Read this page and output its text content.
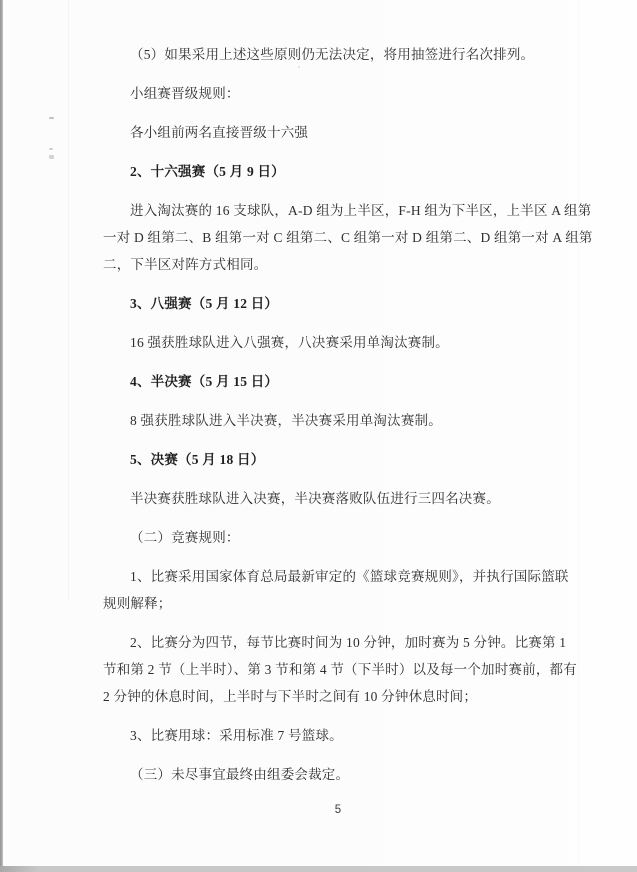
（5）如果采用上述这些原则仍无法决定，将用抽签进行名次排列。
小组赛晋级规则：
各小组前两名直接晋级十六强
2、十六强赛（5 月 9 日）
进入淘汰赛的 16 支球队，A-D 组为上半区，F-H 组为下半区，上半区 A 组第
一对 D 组第二、B 组第一对 C 组第二、C 组第一对 D 组第二、D 组第一对 A 组第
二，下半区对阵方式相同。
3、八强赛（5 月 12 日）
16 强获胜球队进入八强赛，八决赛采用单淘汰赛制。
4、半决赛（5 月 15 日）
8 强获胜球队进入半决赛，半决赛采用单淘汰赛制。
5、决赛（5 月 18 日）
半决赛获胜球队进入决赛，半决赛落败队伍进行三四名决赛。
（二）竞赛规则：
1、比赛采用国家体育总局最新审定的《篮球竞赛规则》，并执行国际篮联
规则解释；
2、比赛分为四节，每节比赛时间为 10 分钟，加时赛为 5 分钟。比赛第 1
节和第 2 节（上半时）、第 3 节和第 4 节（下半时）以及每一个加时赛前，都有
2 分钟的休息时间，上半时与下半时之间有 10 分钟休息时间；
3、比赛用球：采用标准 7 号篮球。
（三）未尽事宜最终由组委会裁定。
5
